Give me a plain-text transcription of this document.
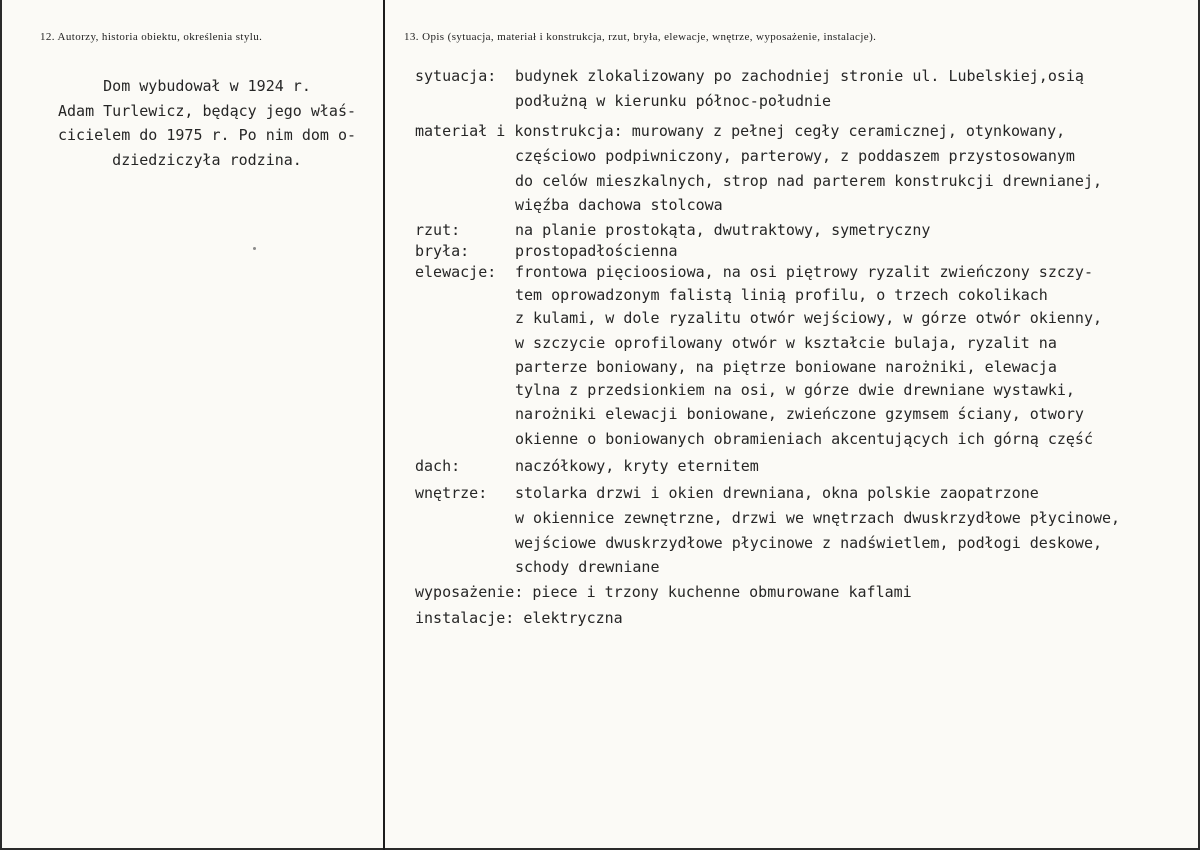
12. Autorzy, historia obiektu, określenia stylu.	13. Opis (sytuacja, materiał i konstrukcja, rzut, bryła, elewacje, wnętrze, wyposażenie, instalacje).
Dom wybudował w 1924 r.
Adam Turlewicz, będący jego właś-
cicielem do 1975 r. Po nim dom o-
dziedziczyła rodzina.
sytuacja: budynek zlokalizowany po zachodniej stronie ul. Lubelskiej,osią
podłużną w kierunku północ-południe
materiał i konstrukcja: murowany z pełnej cegły ceramicznej, otynkowany,
częściowo podpiwniczony, parterowy, z poddaszem przystosowanym
do celów mieszkalnych, strop nad parterem konstrukcji drewnianej,
więźba dachowa stolcowa
rzut:	na planie prostokąta, dwutraktowy, symetryczny
bryła:	prostopadłościenna
elewacje: frontowa pięcioosiowa, na osi piętrowy ryzalit zwieńczony szczy-
tem oprowadzonym falistą linią profilu, o trzech cokolikach
z kulami, w dole ryzalitu otwór wejściowy, w górze otwór okienny,
w szczycie oprofilowany otwór w kształcie bulaja, ryzalit na
parterze boniowany, na piętrze boniowane narożniki, elewacja
tylna z przedsionkiem na osi, w górze dwie drewniane wystawki,
narożniki elewacji boniowane, zwieńczone gzymsem ściany, otwory
okienne o boniowanych obramieniach akcentujących ich górną część
dach:	naczółkowy, kryty eternitem
wnętrze: stolarka drzwi i okien drewniana, okna polskie zaopatrzone
w okiennice zewnętrzne, drzwi we wnętrzach dwuskrzydłowe płycinowe,
wejściowe dwuskrzydłowe płycinowe z nadświetlem, podłogi deskowe,
schody drewniane
wyposażenie: piece i trzony kuchenne obmurowane kaflami
instalacje: elektryczna
